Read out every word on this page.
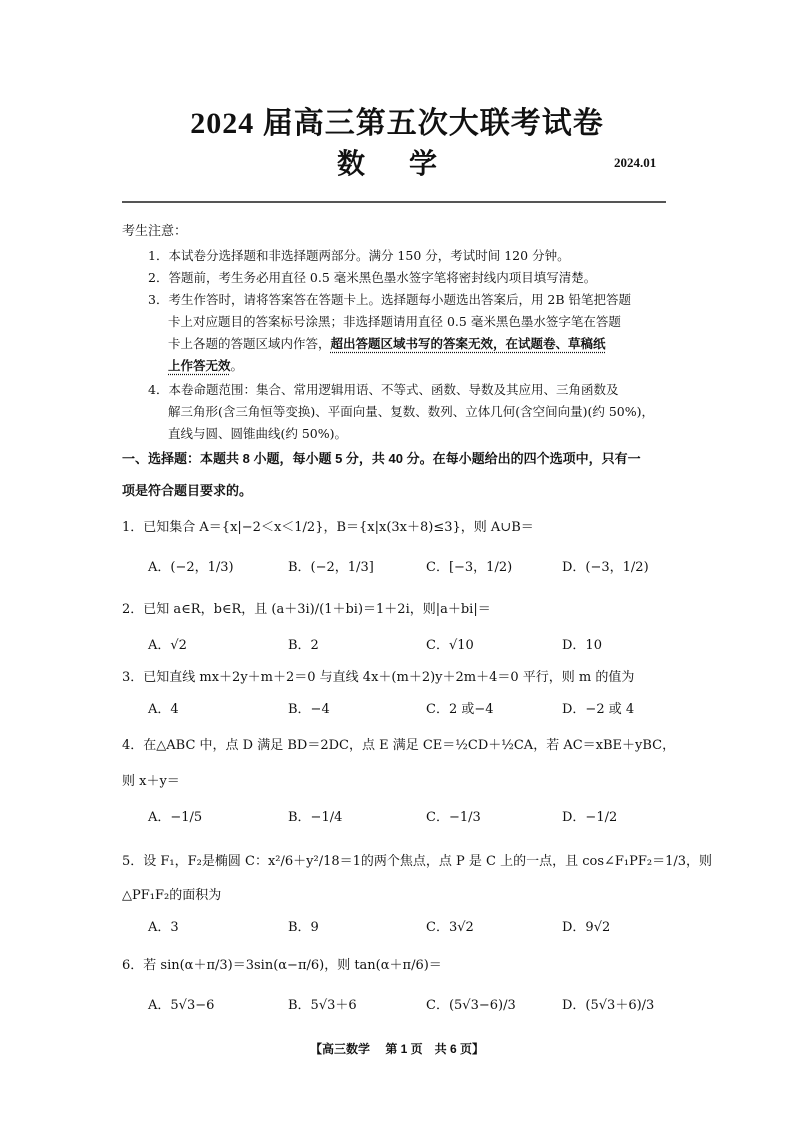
2024 届高三第五次大联考试卷
数学	2024.01
考生注意：
1．本试卷分选择题和非选择题两部分。满分 150 分，考试时间 120 分钟。
2．答题前，考生务必用直径 0.5 毫米黑色墨水签字笔将密封线内项目填写清楚。
3．考生作答时，请将答案答在答题卡上。选择题每小题选出答案后，用 2B 铅笔把答题
卡上对应题目的答案标号涂黑；非选择题请用直径 0.5 毫米黑色墨水签字笔在答题
卡上各题的答题区域内作答，超出答题区域书写的答案无效，在试题卷、草稿纸
上作答无效。
4．本卷命题范围：集合、常用逻辑用语、不等式、函数、导数及其应用、三角函数及
解三角形(含三角恒等变换)、平面向量、复数、数列、立体几何(含空间向量)(约 50%)，
直线与圆、圆锥曲线(约 50%)。
一、选择题：本题共 8 小题，每小题 5 分，共 40 分。在每小题给出的四个选项中，只有一
项是符合题目要求的。
1．已知集合 A＝{x|−2＜x＜1/2}，B＝{x|x(3x＋8)≤3}，则 A∪B＝
A．(−2，1/3)	B．(−2，1/3]	C．[−3，1/2)	D．(−3，1/2)
2．已知 a∈R，b∈R，且 (a＋3i)/(1＋bi)＝1＋2i，则|a＋bi|＝
A．√2	B．2	C．√10	D．10
3．已知直线 mx＋2y＋m＋2＝0 与直线 4x＋(m＋2)y＋2m＋4＝0 平行，则 m 的值为
A．4	B．−4	C．2 或−4	D．−2 或 4
4．在△ABC 中，点 D 满足 BD＝2DC，点 E 满足 CE＝½CD＋½CA，若 AC＝xBE＋yBC，
则 x＋y＝
A．−1/5	B．−1/4	C．−1/3	D．−1/2
5．设 F₁，F₂是椭圆 C：x²/6＋y²/18＝1的两个焦点，点 P 是 C 上的一点，且 cos∠F₁PF₂＝1/3，则
△PF₁F₂的面积为
A．3	B．9	C．3√2	D．9√2
6．若 sin(α＋π/3)＝3sin(α−π/6)，则 tan(α＋π/6)＝
A．5√3−6	B．5√3＋6	C．(5√3−6)/3	D．(5√3＋6)/3
【高三数学　 第 1 页　共 6 页】
